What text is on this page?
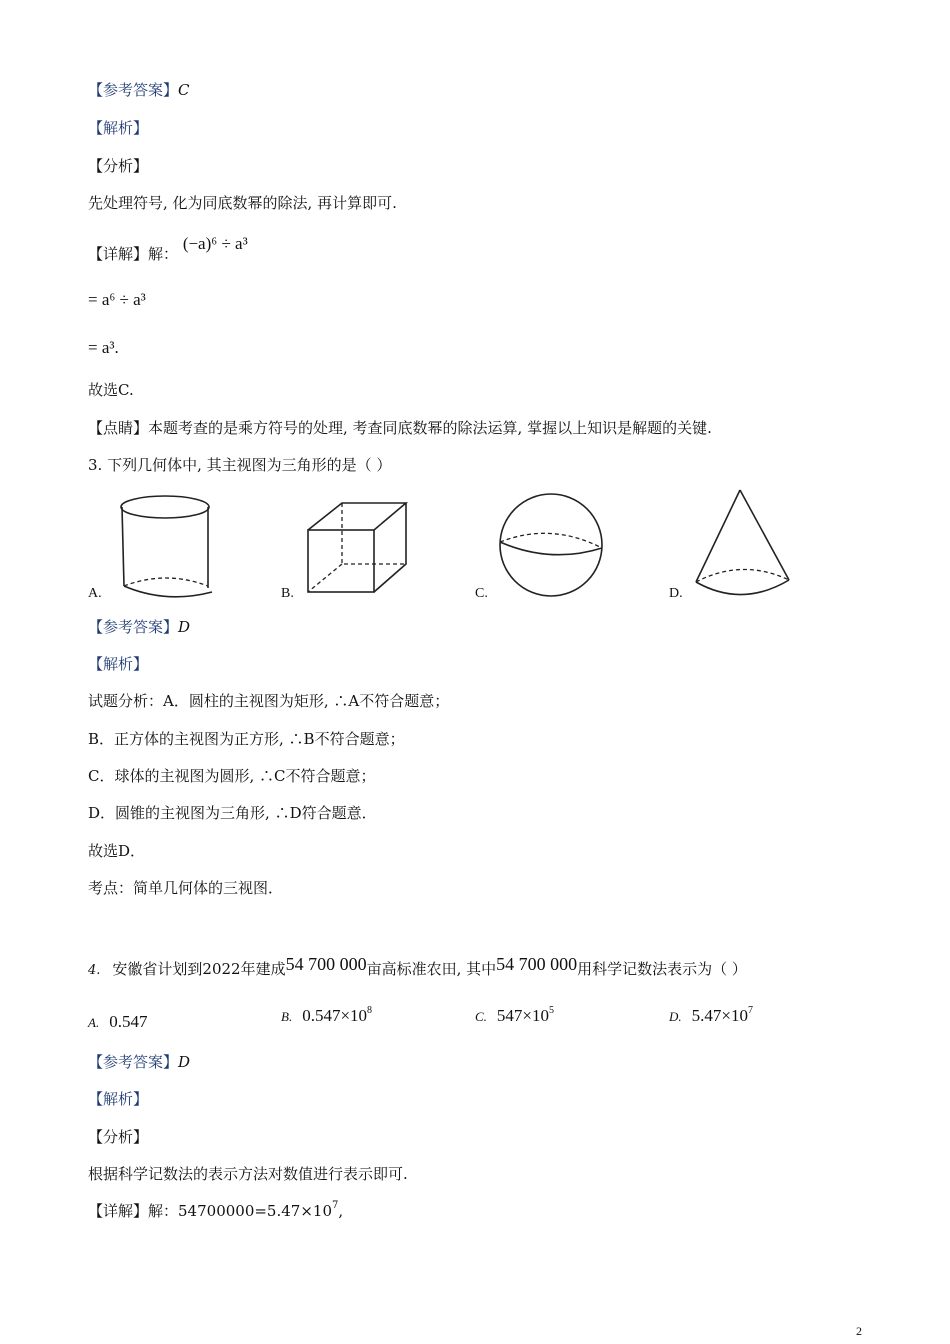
【参考答案】C
【解析】
【分析】
先处理符号, 化为同底数幂的除法, 再计算即可.
【详解】解： (−a)⁶ ÷ a³
= a⁶ ÷ a³
= a³.
故选C.
【点睛】本题考查的是乘方符号的处理, 考查同底数幂的除法运算, 掌握以上知识是解题的关键.
3. 下列几何体中, 其主视图为三角形的是（ ）
A.	B.	C.	D.
【参考答案】D
【解析】
试题分析：A．圆柱的主视图为矩形, ∴A不符合题意；
B．正方体的主视图为正方形, ∴B不符合题意；
C．球体的主视图为圆形, ∴C不符合题意；
D．圆锥的主视图为三角形, ∴D符合题意．
故选D．
考点：简单几何体的三视图．
4. 安徽省计划到2022年建成54 700 000亩高标准农田, 其中54 700 000用科学记数法表示为（ ）
A. 0.547	B. $0.547\times 10^8$	C. $547\times 10^5$	D. $5.47\times 10^7$
【参考答案】D
【解析】
【分析】
根据科学记数法的表示方法对数值进行表示即可.
【详解】解：$54700000=5.47\times 10^7$,
2
